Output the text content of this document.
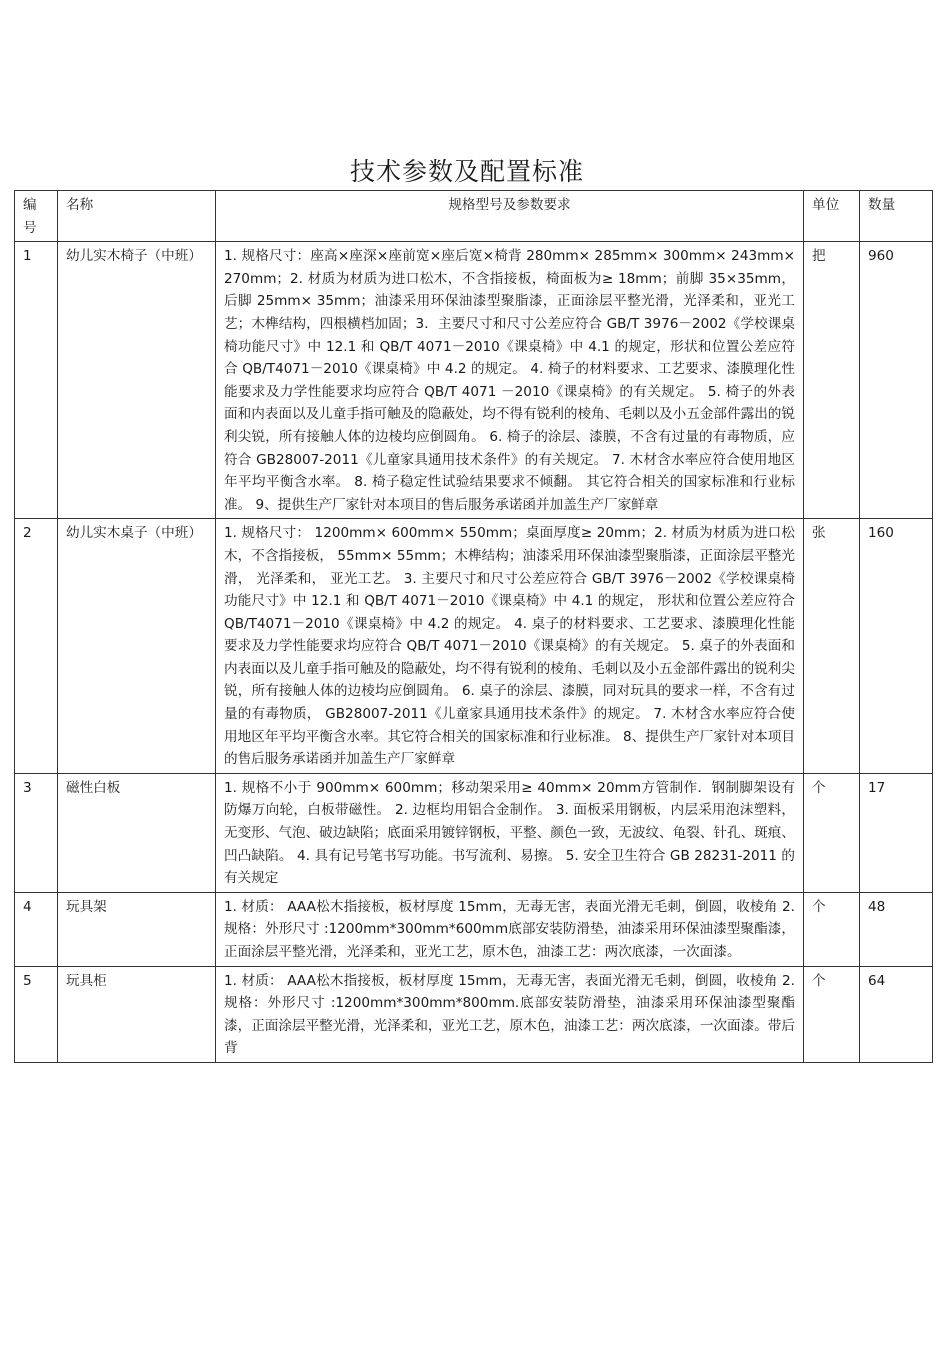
技术参数及配置标准
编号	名称	规格型号及参数要求	单位	数量
1	幼儿实木椅子（中班）	1. 规格尺寸：座高×座深×座前宽×座后宽×椅背 280mm× 285mm× 300mm× 243mm× 270mm；2. 材质为材质为进口松木，不含指接板，椅面板为≥ 18mm；前脚 35×35mm，后脚 25mm× 35mm；油漆采用环保油漆型聚脂漆，正面涂层平整光滑，光泽柔和，亚光工艺；木榫结构，四根横档加固；3．主要尺寸和尺寸公差应符合 GB/T 3976－2002《学校课桌椅功能尺寸》中 12.1 和 QB/T 4071－2010《课桌椅》中 4.1 的规定，形状和位置公差应符合 QB/T4071－2010《课桌椅》中 4.2 的规定。 4. 椅子的材料要求、工艺要求、漆膜理化性能要求及力学性能要求均应符合 QB/T 4071 －2010《课桌椅》的有关规定。 5. 椅子的外表面和内表面以及儿童手指可触及的隐蔽处，均不得有锐利的棱角、毛刺以及小五金部件露出的锐利尖锐，所有接触人体的边棱均应倒圆角。 6. 椅子的涂层、漆膜，不含有过量的有毒物质，应符合 GB28007-2011《儿童家具通用技术条件》的有关规定。 7. 木材含水率应符合使用地区年平均平衡含水率。 8. 椅子稳定性试验结果要求不倾翻。 其它符合相关的国家标准和行业标准。 9、提供生产厂家针对本项目的售后服务承诺函并加盖生产厂家鲜章	把	960
2	幼儿实木桌子（中班）	1. 规格尺寸： 1200mm× 600mm× 550mm；桌面厚度≥ 20mm；2. 材质为材质为进口松木，不含指接板， 55mm× 55mm；木榫结构；油漆采用环保油漆型聚脂漆，正面涂层平整光滑， 光泽柔和， 亚光工艺。 3. 主要尺寸和尺寸公差应符合 GB/T 3976－2002《学校课桌椅功能尺寸》中 12.1 和 QB/T 4071－2010《课桌椅》中 4.1 的规定， 形状和位置公差应符合 QB/T4071－2010《课桌椅》中 4.2 的规定。 4. 桌子的材料要求、工艺要求、漆膜理化性能要求及力学性能要求均应符合 QB/T 4071－2010《课桌椅》的有关规定。 5. 桌子的外表面和内表面以及儿童手指可触及的隐蔽处，均不得有锐利的棱角、毛刺以及小五金部件露出的锐利尖锐，所有接触人体的边棱均应倒圆角。 6. 桌子的涂层、漆膜，同对玩具的要求一样，不含有过量的有毒物质， GB28007-2011《儿童家具通用技术条件》的规定。 7. 木材含水率应符合使用地区年平均平衡含水率。其它符合相关的国家标准和行业标准。 8、提供生产厂家针对本项目的售后服务承诺函并加盖生产厂家鲜章	张	160
3	磁性白板	1. 规格不小于 900mm× 600mm；移动架采用≥ 40mm× 20mm方管制作．钢制脚架设有防爆万向轮，白板带磁性。 2. 边框均用铝合金制作。 3. 面板采用钢板，内层采用泡沫塑料，无变形、气泡、破边缺陷；底面采用镀锌钢板，平整、颜色一致，无波纹、龟裂、针孔、斑痕、凹凸缺陷。 4. 具有记号笔书写功能。书写流利、易擦。 5. 安全卫生符合 GB 28231-2011 的有关规定	个	17
4	玩具架	1. 材质： AAA松木指接板，板材厚度 15mm，无毒无害，表面光滑无毛刺，倒圆，收棱角 2. 规格：外形尺寸 :1200mm*300mm*600mm底部安装防滑垫，油漆采用环保油漆型聚酯漆，正面涂层平整光滑，光泽柔和，亚光工艺，原木色，油漆工艺：两次底漆，一次面漆。	个	48
5	玩具柜	1. 材质： AAA松木指接板，板材厚度 15mm，无毒无害，表面光滑无毛刺，倒圆，收棱角 2. 规格：外形尺寸 :1200mm*300mm*800mm.底部安装防滑垫，油漆采用环保油漆型聚酯漆，正面涂层平整光滑，光泽柔和，亚光工艺，原木色，油漆工艺：两次底漆，一次面漆。带后背	个	64
